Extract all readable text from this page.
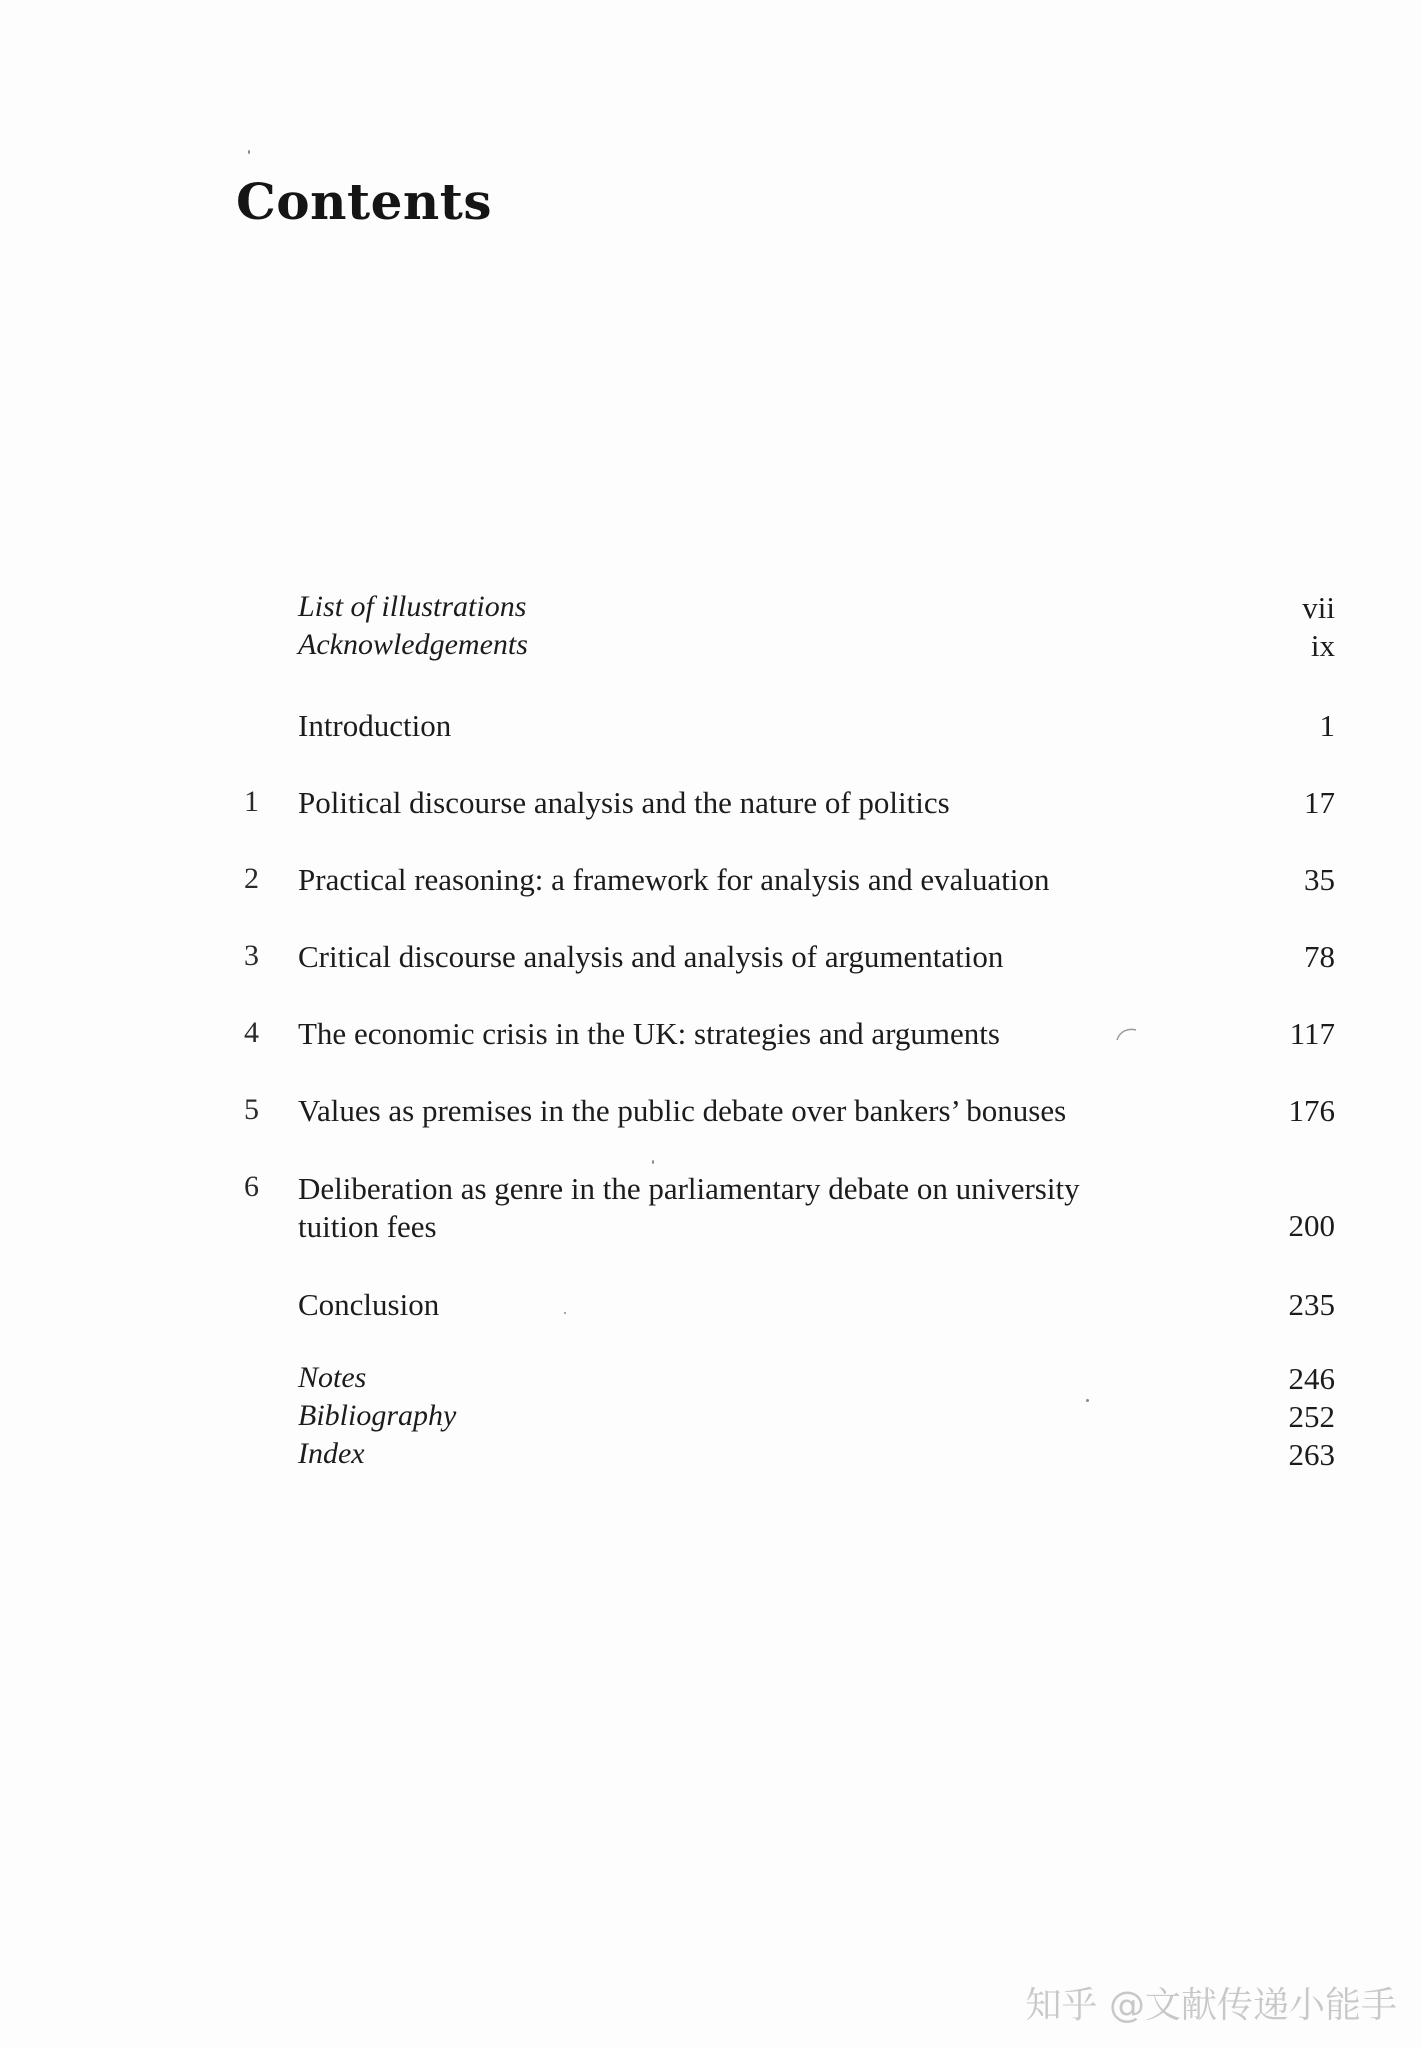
Contents
List of illustrations	vii
Acknowledgements	ix
Introduction	1
1 Political discourse analysis and the nature of politics	17
2 Practical reasoning: a framework for analysis and evaluation	35
3 Critical discourse analysis and analysis of argumentation	78
4 The economic crisis in the UK: strategies and arguments	117
5 Values as premises in the public debate over bankers’ bonuses	176
6 Deliberation as genre in the parliamentary debate on university tuition fees	200
Conclusion	235
Notes	246
Bibliography	252
Index	263
知乎 @文献传递小能手
